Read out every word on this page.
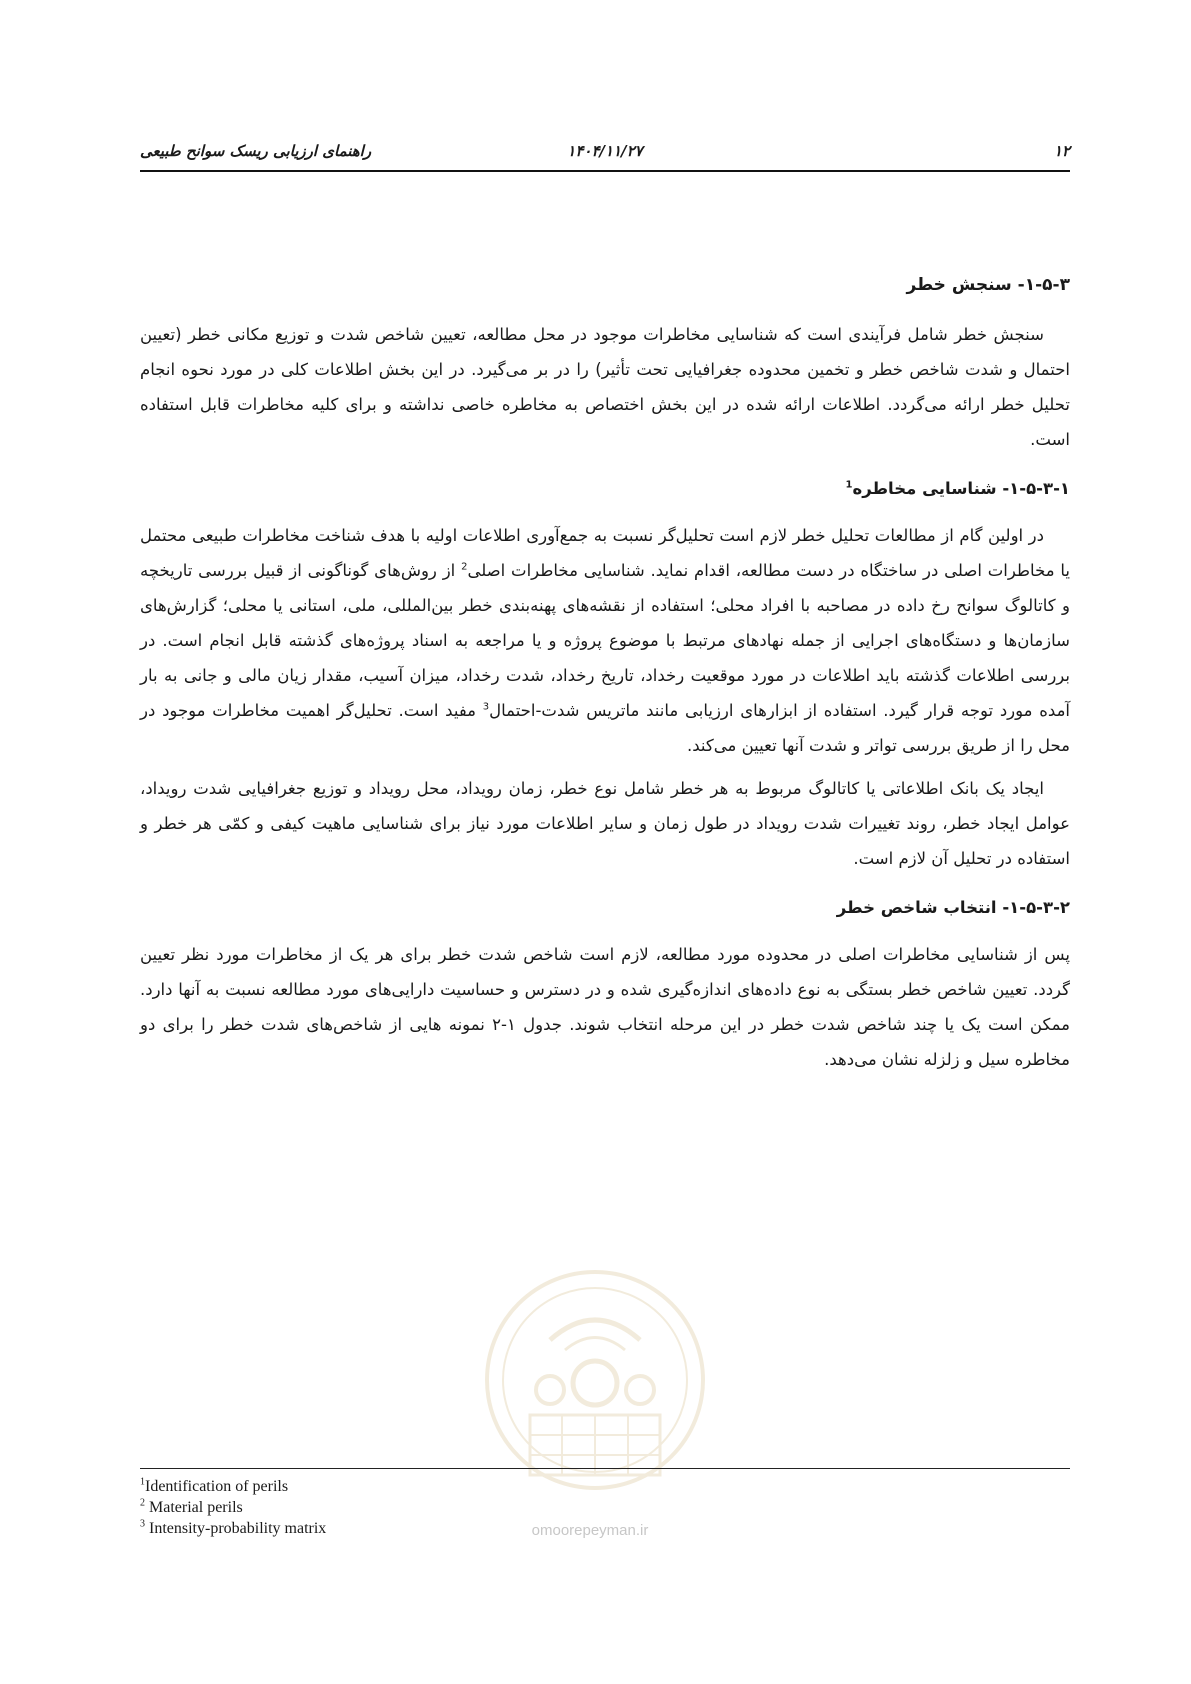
۱۲
۱۴۰۴/۱۱/۲۷
راهنمای ارزیابی ریسک سوانح طبیعی
۱-۵-۳- سنجش خطر

سنجش خطر شامل فرآیندی است که شناسایی مخاطرات موجود در محل مطالعه، تعیین شاخص شدت و توزیع مکانی خطر (تعیین احتمال و شدت شاخص خطر و تخمین محدوده جغرافیایی تحت تأثیر) را در بر می‌گیرد. در این بخش اطلاعات کلی در مورد نحوه انجام تحلیل خطر ارائه می‌گردد. اطلاعات ارائه شده در این بخش اختصاص به مخاطره خاصی نداشته و برای کلیه مخاطرات قابل استفاده است.

۱-۵-۳-۱- شناسایی مخاطره$^1$

در اولین گام از مطالعات تحلیل خطر لازم است تحلیل‌گر نسبت به جمع‌آوری اطلاعات اولیه با هدف شناخت مخاطرات طبیعی محتمل یا مخاطرات اصلی در ساختگاه در دست مطالعه، اقدام نماید. شناسایی مخاطرات اصلی$^2$ از روش‌های گوناگونی از قبیل بررسی تاریخچه و کاتالوگ سوانح رخ داده در مصاحبه با افراد محلی؛ استفاده از نقشه‌های پهنه‌بندی خطر بین‌المللی، ملی، استانی یا محلی؛ گزارش‌های سازمان‌ها و دستگاه‌های اجرایی از جمله نهادهای مرتبط با موضوع پروژه و یا مراجعه به اسناد پروژه‌های گذشته قابل انجام است. در بررسی اطلاعات گذشته باید اطلاعات در مورد موقعیت رخداد، تاریخ رخداد، شدت رخداد، میزان آسیب، مقدار زیان مالی و جانی به بار آمده مورد توجه قرار گیرد. استفاده از ابزارهای ارزیابی مانند ماتریس شدت-احتمال$^3$ مفید است. تحلیل‌گر اهمیت مخاطرات موجود در محل را از طریق بررسی تواتر و شدت آنها تعیین می‌کند.

ایجاد یک بانک اطلاعاتی یا کاتالوگ مربوط به هر خطر شامل نوع خطر، زمان رویداد، محل رویداد و توزیع جغرافیایی شدت رویداد، عوامل ایجاد خطر، روند تغییرات شدت رویداد در طول زمان و سایر اطلاعات مورد نیاز برای شناسایی ماهیت کیفی و کمّی هر خطر و استفاده در تحلیل آن لازم است.

۱-۵-۳-۲- انتخاب شاخص خطر

پس از شناسایی مخاطرات اصلی در محدوده مورد مطالعه، لازم است شاخص شدت خطر برای هر یک از مخاطرات مورد نظر تعیین گردد. تعیین شاخص خطر بستگی به نوع داده‌های اندازه‌گیری شده و در دسترس و حساسیت دارایی‌های مورد مطالعه نسبت به آنها دارد. ممکن است یک یا چند شاخص شدت خطر در این مرحله انتخاب شوند. جدول ۱-۲ نمونه هایی از شاخص‌های شدت خطر را برای دو مخاطره سیل و زلزله نشان می‌دهد.

omoorepeyman.ir
$^1$Identification of perils
$^2$ Material perils
$^3$ Intensity-probability matrix
